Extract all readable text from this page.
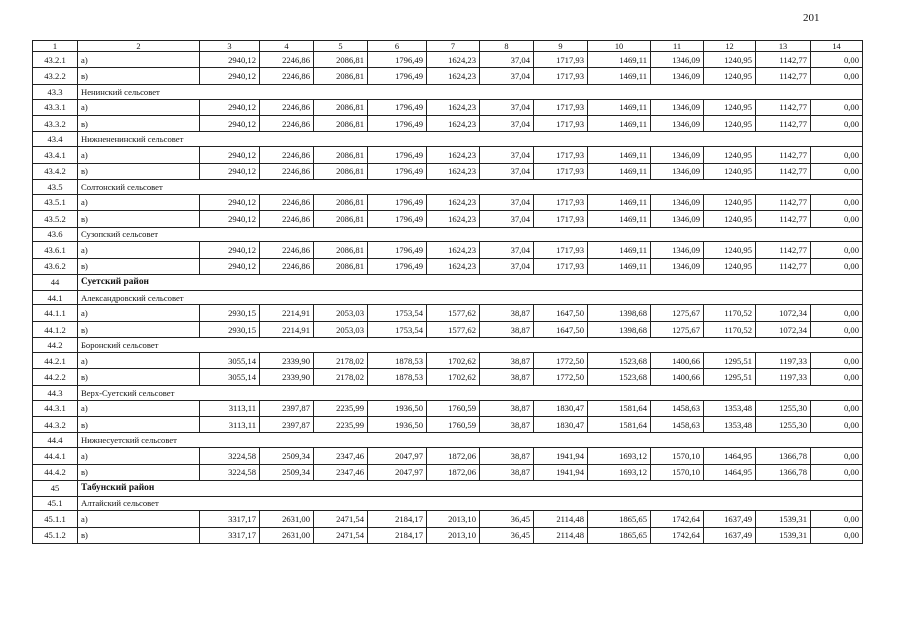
201
1	2	3	4	5	6	7	8	9	10	11	12	13	14
43.2.1	а)	2940,12	2246,86	2086,81	1796,49	1624,23	37,04	1717,93	1469,11	1346,09	1240,95	1142,77	0,00
43.2.2	в)	2940,12	2246,86	2086,81	1796,49	1624,23	37,04	1717,93	1469,11	1346,09	1240,95	1142,77	0,00
43.3	Ненинский сельсовет												
43.3.1	а)	2940,12	2246,86	2086,81	1796,49	1624,23	37,04	1717,93	1469,11	1346,09	1240,95	1142,77	0,00
43.3.2	в)	2940,12	2246,86	2086,81	1796,49	1624,23	37,04	1717,93	1469,11	1346,09	1240,95	1142,77	0,00
43.4	Нижнененинский сельсовет												
43.4.1	а)	2940,12	2246,86	2086,81	1796,49	1624,23	37,04	1717,93	1469,11	1346,09	1240,95	1142,77	0,00
43.4.2	в)	2940,12	2246,86	2086,81	1796,49	1624,23	37,04	1717,93	1469,11	1346,09	1240,95	1142,77	0,00
43.5	Солтонский сельсовет												
43.5.1	а)	2940,12	2246,86	2086,81	1796,49	1624,23	37,04	1717,93	1469,11	1346,09	1240,95	1142,77	0,00
43.5.2	в)	2940,12	2246,86	2086,81	1796,49	1624,23	37,04	1717,93	1469,11	1346,09	1240,95	1142,77	0,00
43.6	Сузопский сельсовет												
43.6.1	а)	2940,12	2246,86	2086,81	1796,49	1624,23	37,04	1717,93	1469,11	1346,09	1240,95	1142,77	0,00
43.6.2	в)	2940,12	2246,86	2086,81	1796,49	1624,23	37,04	1717,93	1469,11	1346,09	1240,95	1142,77	0,00
44	Суетский район												
44.1	Александровский сельсовет												
44.1.1	а)	2930,15	2214,91	2053,03	1753,54	1577,62	38,87	1647,50	1398,68	1275,67	1170,52	1072,34	0,00
44.1.2	в)	2930,15	2214,91	2053,03	1753,54	1577,62	38,87	1647,50	1398,68	1275,67	1170,52	1072,34	0,00
44.2	Боронский сельсовет												
44.2.1	а)	3055,14	2339,90	2178,02	1878,53	1702,62	38,87	1772,50	1523,68	1400,66	1295,51	1197,33	0,00
44.2.2	в)	3055,14	2339,90	2178,02	1878,53	1702,62	38,87	1772,50	1523,68	1400,66	1295,51	1197,33	0,00
44.3	Верх-Суетский сельсовет												
44.3.1	а)	3113,11	2397,87	2235,99	1936,50	1760,59	38,87	1830,47	1581,64	1458,63	1353,48	1255,30	0,00
44.3.2	в)	3113,11	2397,87	2235,99	1936,50	1760,59	38,87	1830,47	1581,64	1458,63	1353,48	1255,30	0,00
44.4	Нижнесуетский сельсовет												
44.4.1	а)	3224,58	2509,34	2347,46	2047,97	1872,06	38,87	1941,94	1693,12	1570,10	1464,95	1366,78	0,00
44.4.2	в)	3224,58	2509,34	2347,46	2047,97	1872,06	38,87	1941,94	1693,12	1570,10	1464,95	1366,78	0,00
45	Табунский район												
45.1	Алтайский сельсовет												
45.1.1	а)	3317,17	2631,00	2471,54	2184,17	2013,10	36,45	2114,48	1865,65	1742,64	1637,49	1539,31	0,00
45.1.2	в)	3317,17	2631,00	2471,54	2184,17	2013,10	36,45	2114,48	1865,65	1742,64	1637,49	1539,31	0,00
